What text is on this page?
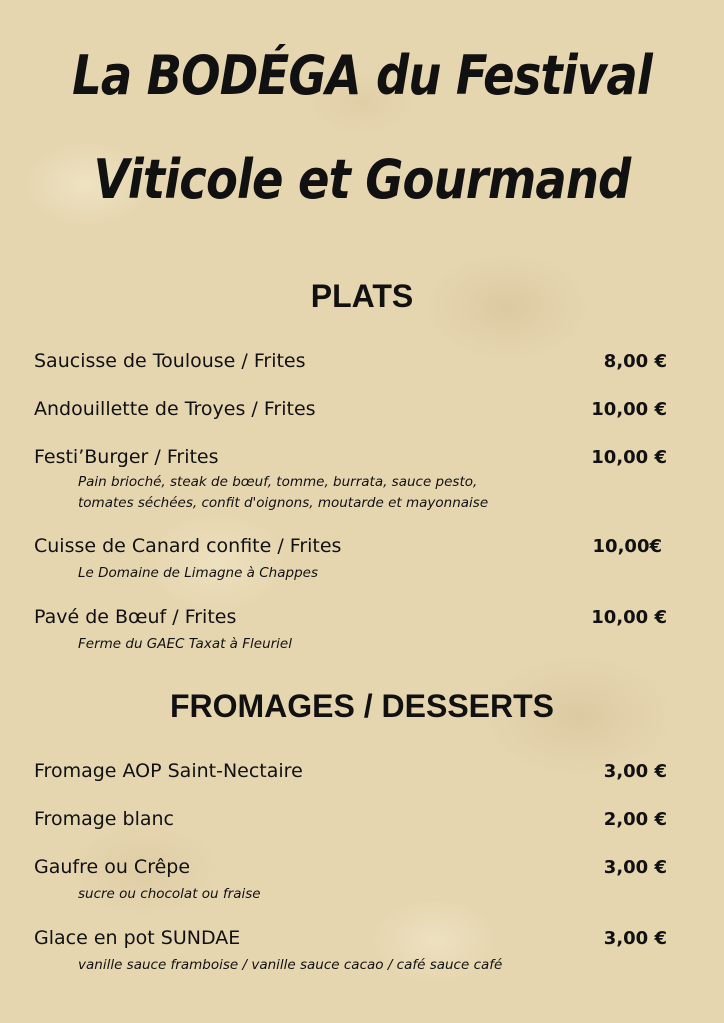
La BODÉGA du Festival
Viticole et Gourmand
PLATS
Saucisse de Toulouse / Frites	8,00 €
Andouillette de Troyes / Frites	10,00 €
Festi’Burger / Frites	10,00 €
Pain brioché, steak de bœuf, tomme, burrata, sauce pesto,
tomates séchées, confit d'oignons, moutarde et mayonnaise
Cuisse de Canard confite / Frites	10,00€
Le Domaine de Limagne à Chappes
Pavé de Bœuf / Frites	10,00 €
Ferme du GAEC Taxat à Fleuriel
FROMAGES / DESSERTS
Fromage AOP Saint-Nectaire	3,00 €
Fromage blanc	2,00 €
Gaufre ou Crêpe	3,00 €
sucre ou chocolat ou fraise
Glace en pot SUNDAE	3,00 €
vanille sauce framboise / vanille sauce cacao / café sauce café
